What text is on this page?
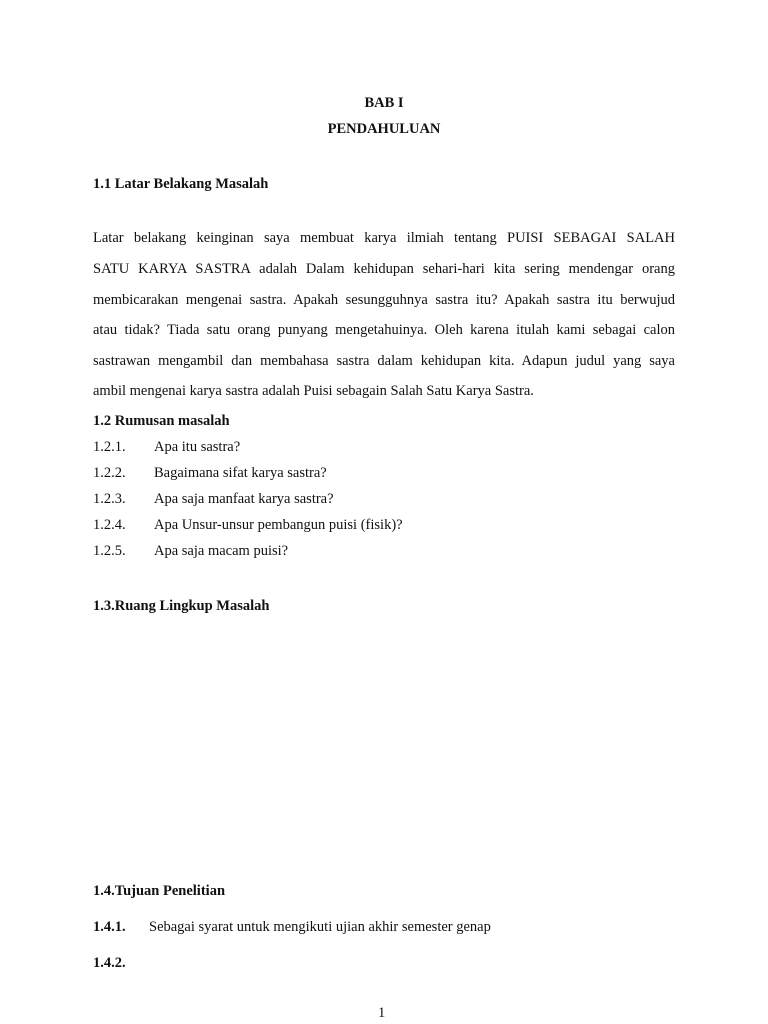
BAB I
PENDAHULUAN
1.1 Latar Belakang Masalah
Latar belakang keinginan saya membuat karya ilmiah tentang PUISI SEBAGAI SALAH
SATU KARYA SASTRA adalah Dalam kehidupan sehari-hari kita sering mendengar orang
membicarakan mengenai sastra. Apakah sesungguhnya sastra itu? Apakah sastra itu berwujud
atau tidak? Tiada satu orang punyang mengetahuinya. Oleh karena itulah kami sebagai calon
sastrawan mengambil dan membahasa sastra dalam kehidupan kita. Adapun judul yang saya
ambil mengenai karya sastra adalah Puisi sebagain Salah Satu Karya Sastra.
1.2 Rumusan masalah
1.2.1. Apa itu sastra?
1.2.2. Bagaimana sifat karya sastra?
1.2.3. Apa saja manfaat karya sastra?
1.2.4. Apa Unsur-unsur pembangun puisi (fisik)?
1.2.5. Apa saja macam puisi?
1.3.Ruang Lingkup Masalah
1.4.Tujuan Penelitian
1.4.1. Sebagai syarat untuk mengikuti ujian akhir semester genap
1.4.2.
1
